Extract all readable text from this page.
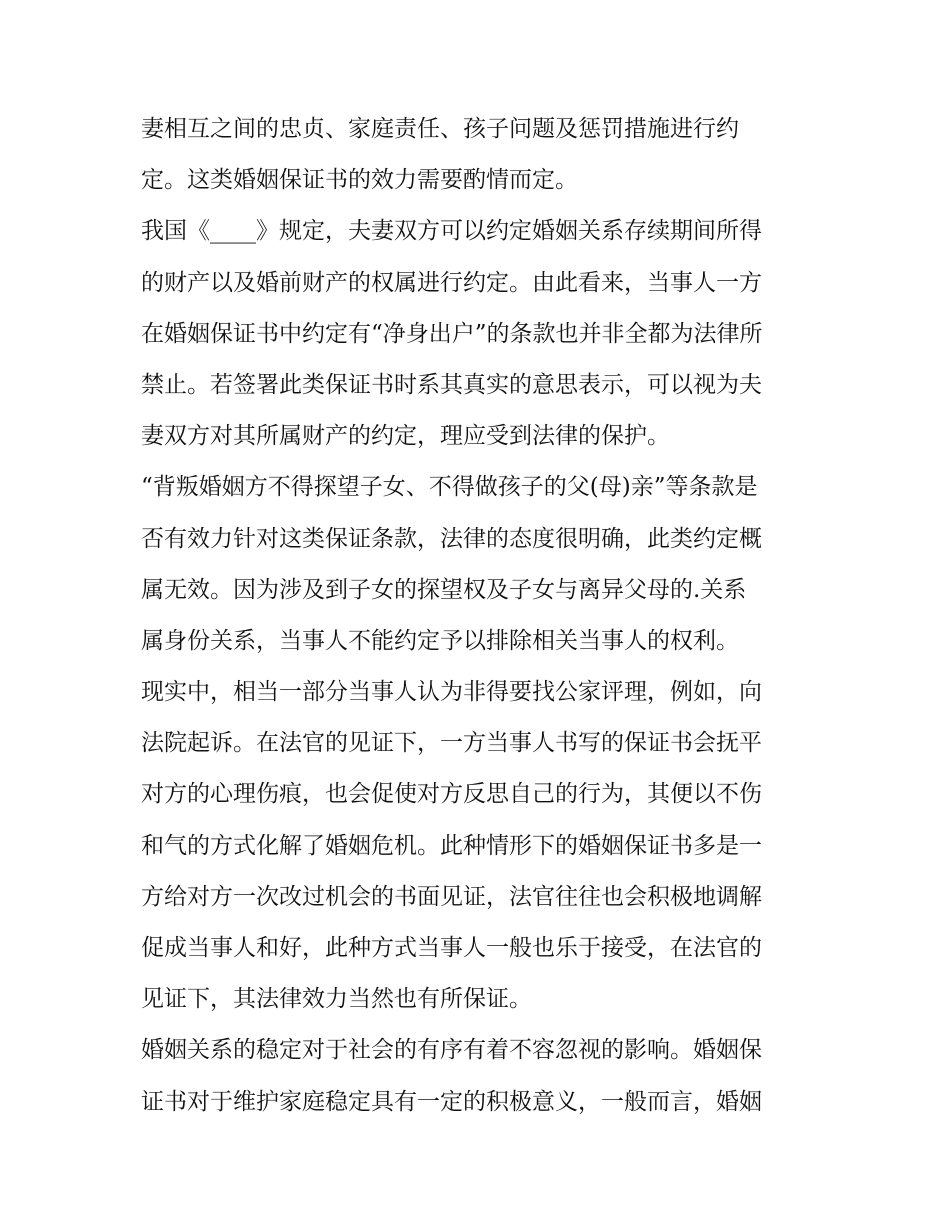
妻相互之间的忠贞、家庭责任、孩子问题及惩罚措施进行约
定。这类婚姻保证书的效力需要酌情而定。
我国《____》规定，夫妻双方可以约定婚姻关系存续期间所得
的财产以及婚前财产的权属进行约定。由此看来，当事人一方
在婚姻保证书中约定有“净身出户”的条款也并非全都为法律所
禁止。若签署此类保证书时系其真实的意思表示，可以视为夫
妻双方对其所属财产的约定，理应受到法律的保护。
“背叛婚姻方不得探望子女、不得做孩子的父(母)亲”等条款是
否有效力针对这类保证条款，法律的态度很明确，此类约定概
属无效。因为涉及到子女的探望权及子女与离异父母的.关系
属身份关系，当事人不能约定予以排除相关当事人的权利。
现实中，相当一部分当事人认为非得要找公家评理，例如，向
法院起诉。在法官的见证下，一方当事人书写的保证书会抚平
对方的心理伤痕，也会促使对方反思自己的行为，其便以不伤
和气的方式化解了婚姻危机。此种情形下的婚姻保证书多是一
方给对方一次改过机会的书面见证，法官往往也会积极地调解
促成当事人和好，此种方式当事人一般也乐于接受，在法官的
见证下，其法律效力当然也有所保证。
婚姻关系的稳定对于社会的有序有着不容忽视的影响。婚姻保
证书对于维护家庭稳定具有一定的积极意义，一般而言，婚姻
